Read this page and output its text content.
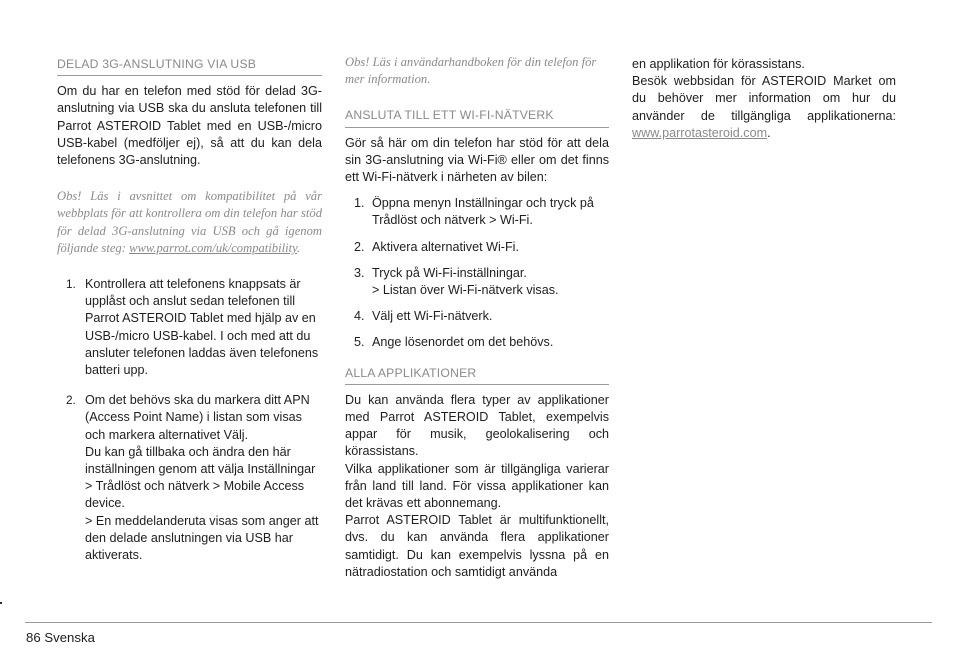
DELAD 3G-ANSLUTNING VIA USB

Om du har en telefon med stöd för delad 3G-anslutning via USB ska du ansluta telefonen till Parrot ASTEROID Tablet med en USB-/micro USB-kabel (medföljer ej), så att du kan dela telefonens 3G-anslutning.

Obs! Läs i avsnittet om kompatibilitet på vår webbplats för att kontrollera om din telefon har stöd för delad 3G-anslutning via USB och gå igenom följande steg: www.parrot.com/uk/compatibility.

1. Kontrollera att telefonens knappsats är upplåst och anslut sedan telefonen till Parrot ASTEROID Tablet med hjälp av en USB-/micro USB-kabel. I och med att du ansluter telefonen laddas även telefonens batteri upp.
2. Om det behövs ska du markera ditt APN (Access Point Name) i listan som visas och markera alternativet Välj.
Du kan gå tillbaka och ändra den här inställningen genom att välja Inställningar > Trådlöst och nätverk > Mobile Access device.
> En meddelanderuta visas som anger att den delade anslutningen via USB har aktiverats.

Obs! Läs i användarhandboken för din telefon för mer information.

ANSLUTA TILL ETT WI-FI-NÄTVERK

Gör så här om din telefon har stöd för att dela sin 3G-anslutning via Wi-Fi® eller om det finns ett Wi-Fi-nätverk i närheten av bilen:

1. Öppna menyn Inställningar och tryck på Trådlöst och nätverk > Wi-Fi.
2. Aktivera alternativet Wi-Fi.
3. Tryck på Wi-Fi-inställningar.
> Listan över Wi-Fi-nätverk visas.
4. Välj ett Wi-Fi-nätverk.
5. Ange lösenordet om det behövs.
ALLA APPLIKATIONER

Du kan använda flera typer av applikationer med Parrot ASTEROID Tablet, exempelvis appar för musik, geolokalisering och körassistans.

Vilka applikationer som är tillgängliga varierar från land till land. För vissa applikationer kan det krävas ett abonnemang.

Parrot ASTEROID Tablet är multifunktionellt, dvs. du kan använda flera applikationer samtidigt. Du kan exempelvis lyssna på en nätradiostation och samtidigt använda

en applikation för körassistans.

Besök webbsidan för ASTEROID Market om du behöver mer information om hur du använder de tillgängliga applikationerna: www.parrotasteroid.com.

86 Svenska
